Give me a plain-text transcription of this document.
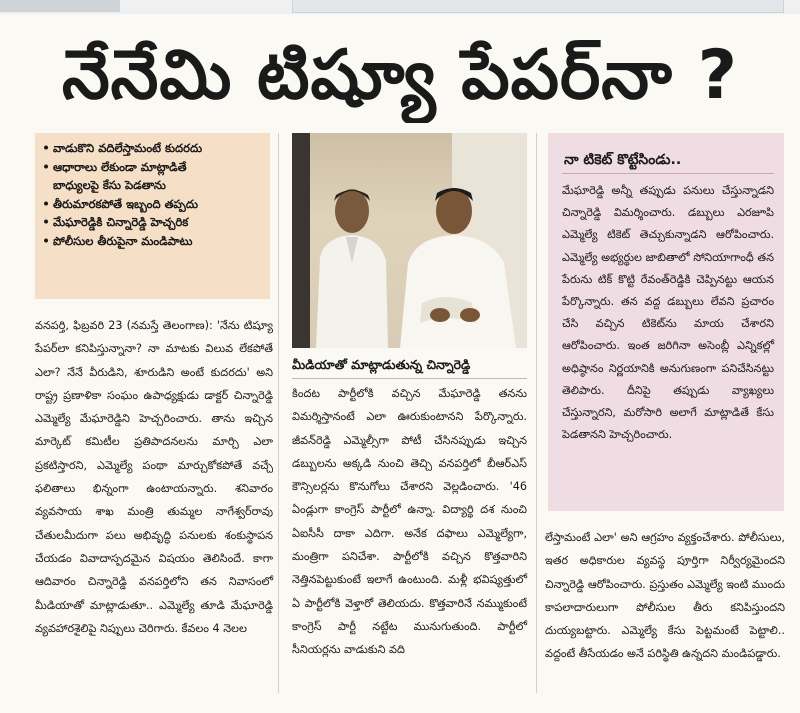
నేనేమి టిష్యూ పేపర్‌నా ?
• వాడుకొని వదిలేస్తామంటే కుదరదు
• ఆధారాలు లేకుండా మాట్లాడితే
బాధ్యులపై కేసు పెడతాను
• తీరుమారకపోతే ఇబ్బంది తప్పదు
• మేఘారెడ్డికి చిన్నారెడ్డి హెచ్చరిక
• పోలీసుల తీరుపైనా మండిపాటు
వనపర్తి, ఫిబ్రవరి 23 (నమస్తే తెలంగాణ): 'నేను టిష్యూ పేపర్‌లా కనిపిస్తున్నానా? నా మాటకు విలువ లేకపోతే ఎలా? నేనే వీరుడిని, శూరుడిని అంటే కుదరదు' అని రాష్ట్ర ప్రణాళికా సంఘం ఉపాధ్యక్షుడు డాక్టర్ చిన్నారెడ్డి ఎమ్మెల్యే మేఘారెడ్డిని హెచ్చరించారు. తాను ఇచ్చిన మార్కెట్ కమిటీల ప్రతిపాదనలను మార్చి ఎలా ప్రకటిస్తారని, ఎమ్మెల్యే పంథా మార్చుకోకపోతే వచ్చే ఫలితాలు భిన్నంగా ఉంటాయన్నారు. శనివారం వ్యవసాయ శాఖ మంత్రి తుమ్మల నాగేశ్వర్‌రావు చేతులమీదుగా పలు అభివృద్ధి పనులకు శంకుస్థాపన చేయడం వివాదాస్పదమైన విషయం తెలిసిందే. కాగా ఆదివారం చిన్నారెడ్డి వనపర్తిలోని తన నివాసంలో మీడియాతో మాట్లాడుతూ.. ఎమ్మెల్యే తూడి మేఘారెడ్డి వ్యవహారశైలిపై నిప్పులు చెరిగారు. కేవలం 4 నెలల
మీడియాతో మాట్లాడుతున్న చిన్నారెడ్డి
కిందట పార్టీలోకి వచ్చిన మేఘారెడ్డి తనను విమర్శిస్తానంటే ఎలా ఊరుకుంటానని పేర్కొన్నారు. జీవన్‌రెడ్డి ఎమ్మెల్సీగా పోటీ చేసినప్పుడు ఇచ్చిన డబ్బులను అక్కడి నుంచి తెచ్చి వనపర్తిలో బీఆర్ఎస్ కౌన్సిలర్లను కొనుగోలు చేశారని వెల్లడించారు. '46 ఏండ్లుగా కాంగ్రెస్ పార్టీలో ఉన్నా. విద్యార్థి దశ నుంచి ఏఐసీసీ దాకా ఎదిగా. అనేక దఫాలు ఎమ్మెల్యేగా, మంత్రిగా పనిచేశా. పార్టీలోకి వచ్చిన కొత్తవారిని నెత్తినపెట్టుకుంటే ఇలాగే ఉంటుంది. మళ్లీ భవిష్యత్తులో ఏ పార్టీలోకి వెళ్తారో తెలియదు. కొత్తవారినే నమ్ముకుంటే కాంగ్రెస్ పార్టీ నట్టేట మునుగుతుంది. పార్టీలో సీనియర్లను వాడుకుని వది
నా టికెట్ కొట్టేసిండు..
మేఘారెడ్డి అన్నీ తప్పుడు పనులు చేస్తున్నాడని చిన్నారెడ్డి విమర్శించారు. డబ్బులు ఎరజూపి ఎమ్మెల్యే టికెట్ తెచ్చుకున్నాడని ఆరోపించారు. ఎమ్మెల్యే అభ్యర్థుల జాబితాలో సోనియాగాంధీ తన పేరును టిక్ కొట్టి రేవంత్‌రెడ్డికి చెప్పినట్టు ఆయన పేర్కొన్నారు. తన వద్ద డబ్బులు లేవని ప్రచారం చేసి వచ్చిన టికెట్‌ను మాయ చేశారని ఆరోపించారు. ఇంత జరిగినా అసెంబ్లీ ఎన్నికల్లో అధిష్ఠానం నిర్ణయానికి అనుగుణంగా పనిచేసినట్టు తెలిపారు. దీనిపై తప్పుడు వ్యాఖ్యలు చేస్తున్నారని, మరోసారి అలాగే మాట్లాడితే కేసు పెడతానని హెచ్చరించారు.
లేస్తామంటే ఎలా' అని ఆగ్రహం వ్యక్తంచేశారు. పోలీసులు, ఇతర అధికారుల వ్యవస్థ పూర్తిగా నిర్వీర్యమైందని చిన్నారెడ్డి ఆరోపించారు. ప్రస్తుతం ఎమ్మెల్యే ఇంటి ముందు కాపలాదారులుగా పోలీసుల తీరు కనిపిస్తుందని దుయ్యబట్టారు. ఎమ్మెల్యే కేసు పెట్టమంటే పెట్టాలి.. వద్దంటే తీసేయడం అనే పరిస్థితి ఉన్నదని మండిపడ్డారు.
